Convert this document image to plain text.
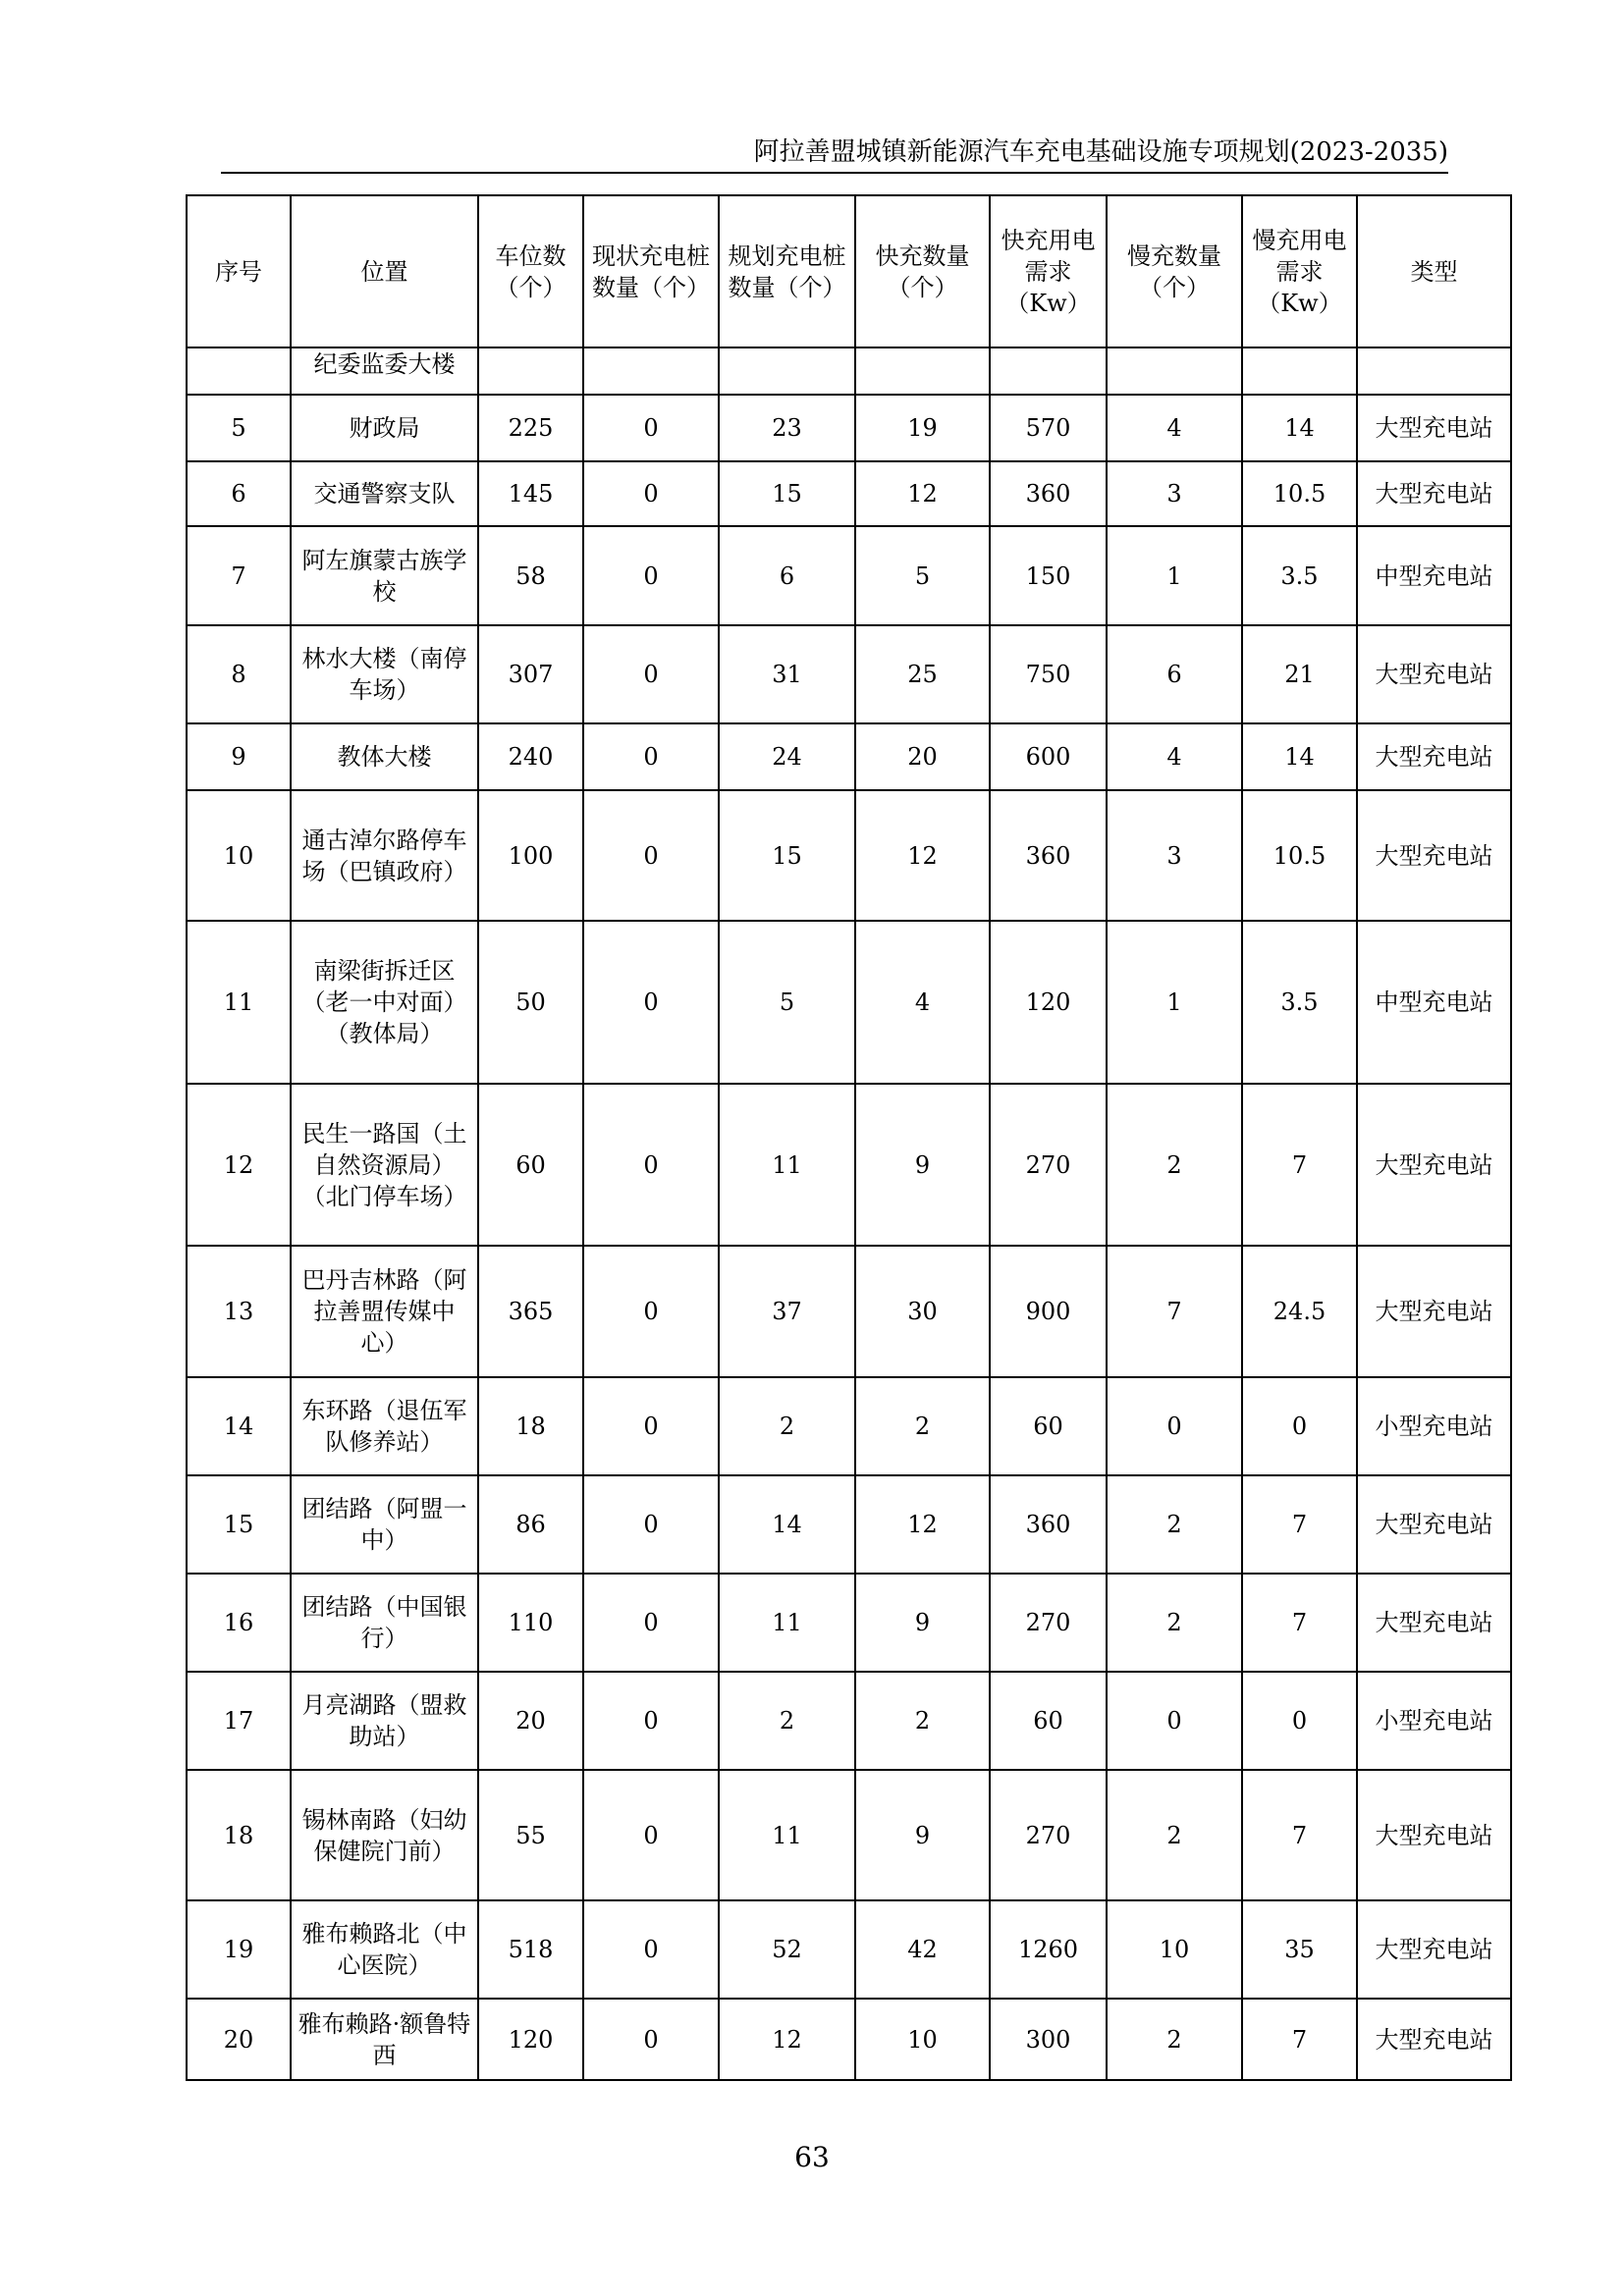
阿拉善盟城镇新能源汽车充电基础设施专项规划(2023-2035)
序号	位置	车位数（个）	现状充电桩数量（个）	规划充电桩数量（个）	快充数量（个）	快充用电需求（Kw）	慢充数量（个）	慢充用电需求（Kw）	类型
	纪委监委大楼								
5	财政局	225	0	23	19	570	4	14	大型充电站
6	交通警察支队	145	0	15	12	360	3	10.5	大型充电站
7	阿左旗蒙古族学校	58	0	6	5	150	1	3.5	中型充电站
8	林水大楼（南停车场）	307	0	31	25	750	6	21	大型充电站
9	教体大楼	240	0	24	20	600	4	14	大型充电站
10	通古淖尔路停车场（巴镇政府）	100	0	15	12	360	3	10.5	大型充电站
11	南梁街拆迁区（老一中对面）（教体局）	50	0	5	4	120	1	3.5	中型充电站
12	民生一路国（土自然资源局）（北门停车场）	60	0	11	9	270	2	7	大型充电站
13	巴丹吉林路（阿拉善盟传媒中心）	365	0	37	30	900	7	24.5	大型充电站
14	东环路（退伍军队修养站）	18	0	2	2	60	0	0	小型充电站
15	团结路（阿盟一中）	86	0	14	12	360	2	7	大型充电站
16	团结路（中国银行）	110	0	11	9	270	2	7	大型充电站
17	月亮湖路（盟救助站）	20	0	2	2	60	0	0	小型充电站
18	锡林南路（妇幼保健院门前）	55	0	11	9	270	2	7	大型充电站
19	雅布赖路北（中心医院）	518	0	52	42	1260	10	35	大型充电站
20	雅布赖路·额鲁特西	120	0	12	10	300	2	7	大型充电站
63
